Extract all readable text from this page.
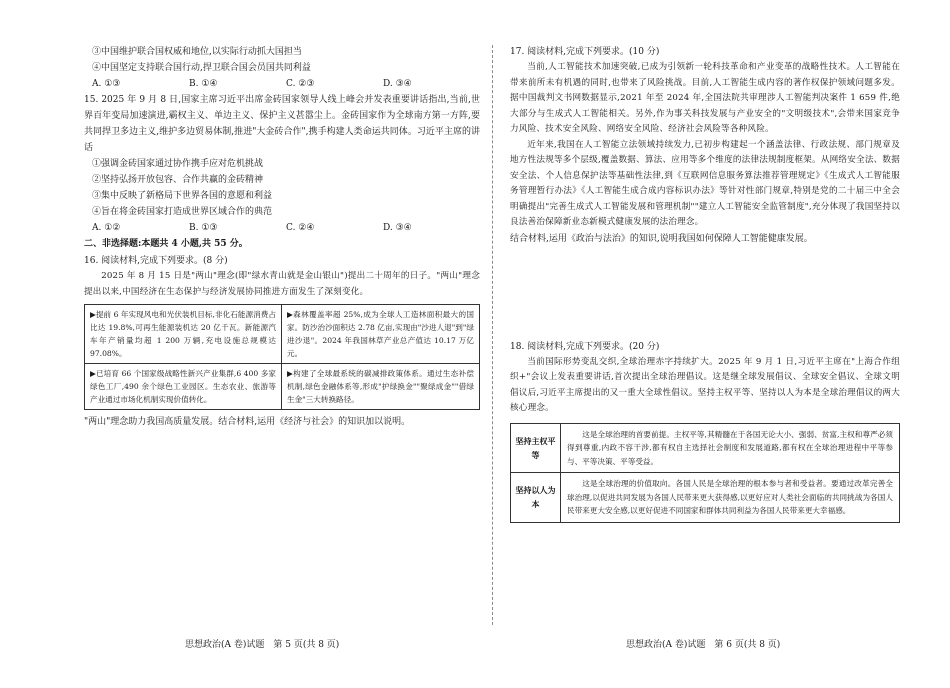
③中国维护联合国权威和地位,以实际行动抓大国担当
④中国坚定支持联合国行动,捍卫联合国会员国共同利益
A. ①③	B. ①④	C. ②③	D. ③④

15. 2025 年 9 月 8 日,国家主席习近平出席金砖国家领导人线上峰会并发表重要讲话指出,当前,世界百年变局加速演进,霸权主义、单边主义、保护主义甚嚣尘上。金砖国家作为全球南方第一方阵,要共同捍卫多边主义,维护多边贸易体制,推进"大金砖合作",携手构建人类命运共同体。习近平主席的讲话

①强调金砖国家通过协作携手应对危机挑战
②坚持弘扬开放包容、合作共赢的金砖精神
③集中反映了新格局下世界各国的意愿和利益
④旨在将金砖国家打造成世界区域合作的典范
A. ①②	B. ①③	C. ②④	D. ③④
二、非选择题:本题共 4 小题,共 55 分。
16. 阅读材料,完成下列要求。(8 分)

2025 年 8 月 15 日是"两山"理念(即"绿水青山就是金山银山")提出二十周年的日子。"两山"理念提出以来,中国经济在生态保护与经济发展协同推进方面发生了深刻变化。

▶提前 6 年实现风电和光伏装机目标,非化石能源消费占比达 19.8%,可再生能源装机达 20 亿千瓦。新能源汽车年产销量均超 1 200 万辆,充电设施总规模达 97.08%。
▶森林覆盖率超 25%,成为全球人工造林面积最大的国家。防沙治沙面积达 2.78 亿亩,实现由"沙进人退"到"绿进沙退"。2024 年我国林草产业总产值达 10.17 万亿元。
▶已培育 66 个国家级战略性新兴产业集群,6 400 多家绿色工厂,490 余个绿色工业园区。生态农业、旅游等产业通过市场化机制实现价值转化。
▶构建了全球最系统的碳减排政策体系。通过生态补偿机制,绿色金融体系等,形成"护绿换金""聚绿成金""借绿生金"三大转换路径。

"两山"理念助力我国高质量发展。结合材料,运用《经济与社会》的知识加以说明。

思想政治(A 卷)试题　第 5 页(共 8 页)
17. 阅读材料,完成下列要求。(10 分)

当前,人工智能技术加速突破,已成为引领新一轮科技革命和产业变革的战略性技术。人工智能在带来前所未有机遇的同时,也带来了风险挑战。目前,人工智能生成内容的著作权保护领域问题多发。据中国裁判文书网数据显示,2021 年至 2024 年,全国法院共审理涉人工智能判决案件 1 659 件,绝大部分与生成式人工智能相关。另外,作为事关科技发展与产业安全的"文明级技术",会带来国家竞争力风险、技术安全风险、网络安全风险、经济社会风险等各种风险。

近年来,我国在人工智能立法领域持续发力,已初步构建起一个涵盖法律、行政法规、部门规章及地方性法规等多个层级,覆盖数据、算法、应用等多个维度的法律法规制度框架。从网络安全法、数据安全法、个人信息保护法等基础性法律,到《互联网信息服务算法推荐管理规定》《生成式人工智能服务管理暂行办法》《人工智能生成合成内容标识办法》等针对性部门规章,特别是党的二十届三中全会明确提出"完善生成式人工智能发展和管理机制""建立人工智能安全监管制度",充分体现了我国坚持以良法善治保障新业态新模式健康发展的法治理念。

结合材料,运用《政治与法治》的知识,说明我国如何保障人工智能健康发展。

18. 阅读材料,完成下列要求。(20 分)

当前国际形势变乱交织,全球治理赤字持续扩大。2025 年 9 月 1 日,习近平主席在"上海合作组织+"会议上发表重要讲话,首次提出全球治理倡议。这是继全球发展倡议、全球安全倡议、全球文明倡议后,习近平主席提出的又一重大全球性倡议。坚持主权平等、坚持以人为本是全球治理倡议的两大核心理念。

坚持主权平等
这是全球治理的首要前提。主权平等,其精髓在于各国无论大小、强弱、贫富,主权和尊严必须得到尊重,内政不容干涉,都有权自主选择社会制度和发展道路,都有权在全球治理进程中平等参与、平等决策、平等受益。
坚持以人为本
这是全球治理的价值取向。各国人民是全球治理的根本参与者和受益者。要通过改革完善全球治理,以促进共同发展为各国人民带来更大获得感,以更好应对人类社会面临的共同挑战为各国人民带来更大安全感,以更好促进不同国家和群体共同利益为各国人民带来更大幸福感。
思想政治(A 卷)试题　第 6 页(共 8 页)
